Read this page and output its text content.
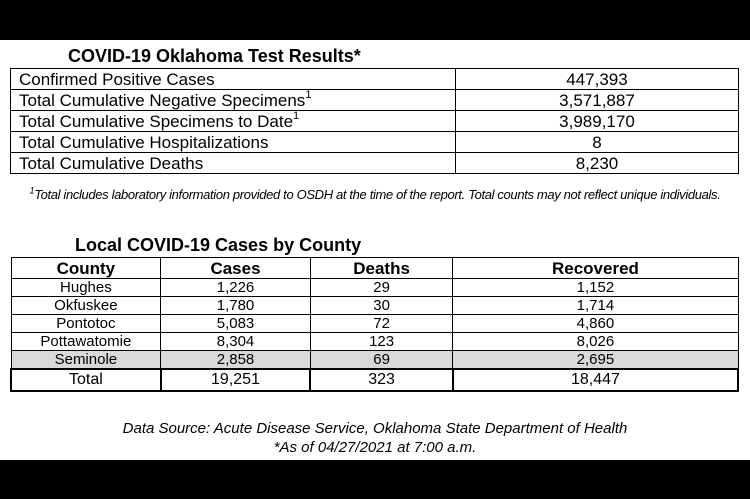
COVID-19 Oklahoma Test Results*
Confirmed Positive Cases	447,393
Total Cumulative Negative Specimens$^1$	3,571,887
Total Cumulative Specimens to Date$^1$	3,989,170
Total Cumulative Hospitalizations	8
Total Cumulative Deaths	8,230
$^1$Total includes laboratory information provided to OSDH at the time of the report. Total counts may not reflect unique individuals.
Local COVID-19 Cases by County
County	Cases	Deaths	Recovered
Hughes	1,226	29	1,152
Okfuskee	1,780	30	1,714
Pontotoc	5,083	72	4,860
Pottawatomie	8,304	123	8,026
Seminole	2,858	69	2,695
Total	19,251	323	18,447
Data Source: Acute Disease Service, Oklahoma State Department of Health
*As of 04/27/2021 at 7:00 a.m.
